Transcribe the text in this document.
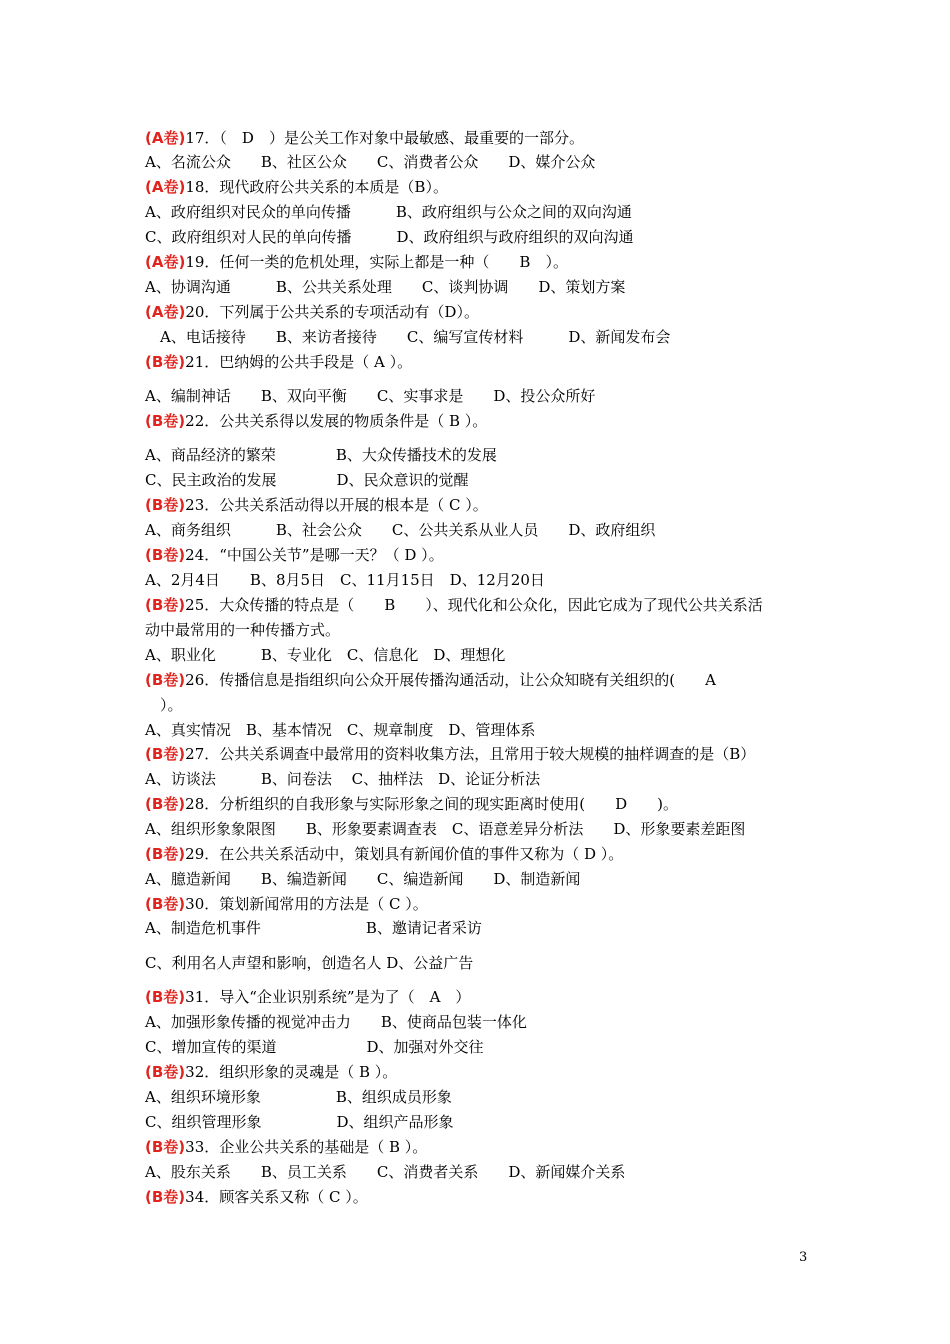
(A卷)17．（　D　）是公关工作对象中最敏感、最重要的一部分。
A、名流公众　　B、社区公众　　C、消费者公众　　D、媒介公众
(A卷)18．现代政府公共关系的本质是（B）。
A、政府组织对民众的单向传播　　　B、政府组织与公众之间的双向沟通
C、政府组织对人民的单向传播　　　D、政府组织与政府组织的双向沟通
(A卷)19．任何一类的危机处理，实际上都是一种（　　B　）。
A、协调沟通　　　B、公共关系处理　　C、谈判协调　　D、策划方案
(A卷)20．下列属于公共关系的专项活动有（D）。
　A、电话接待　　B、来访者接待　　C、编写宣传材料　　　D、新闻发布会
(B卷)21．巴纳姆的公共手段是（ A ）。
A、编制神话　　B、双向平衡　　C、实事求是　　D、投公众所好
(B卷)22．公共关系得以发展的物质条件是（ B ）。
A、商品经济的繁荣　　　　B、大众传播技术的发展
C、民主政治的发展　　　　D、民众意识的觉醒
(B卷)23．公共关系活动得以开展的根本是（ C ）。
A、商务组织　　　B、社会公众　　C、公共关系从业人员　　D、政府组织
(B卷)24．“中国公关节”是哪一天？（ D ）。
A、2月4日　　B、8月5日　C、11月15日　D、12月20日
(B卷)25．大众传播的特点是（　　B　　）、现代化和公众化，因此它成为了现代公共关系活
动中最常用的一种传播方式。
A、职业化　　　B、专业化　C、信息化　D、理想化
(B卷)26．传播信息是指组织向公众开展传播沟通活动，让公众知晓有关组织的(　　A
　）。
A、真实情况　B、基本情况　C、规章制度　D、管理体系
(B卷)27．公共关系调查中最常用的资料收集方法，且常用于较大规模的抽样调查的是（B）
A、访谈法　　　B、问卷法　 C、抽样法　D、论证分析法
(B卷)28．分析组织的自我形象与实际形象之间的现实距离时使用(　　D　　)。
A、组织形象象限图　　B、形象要素调查表　C、语意差异分析法　　D、形象要素差距图
(B卷)29．在公共关系活动中，策划具有新闻价值的事件又称为（ D ）。
A、臆造新闻　　B、编造新闻　　C、编造新闻　　D、制造新闻
(B卷)30．策划新闻常用的方法是（ C ）。
A、制造危机事件　　　　　　　B、邀请记者采访
C、利用名人声望和影响，创造名人 D、公益广告
(B卷)31．导入“企业识别系统”是为了（　A　）
A、加强形象传播的视觉冲击力　　B、使商品包装一体化
C、增加宣传的渠道　　　　　　D、加强对外交往
(B卷)32．组织形象的灵魂是（ B ）。
A、组织环境形象　　　　　B、组织成员形象
C、组织管理形象　　　　　D、组织产品形象
(B卷)33．企业公共关系的基础是（ B ）。
A、股东关系　　B、员工关系　　C、消费者关系　　D、新闻媒介关系
(B卷)34．顾客关系又称（ C ）。
3
